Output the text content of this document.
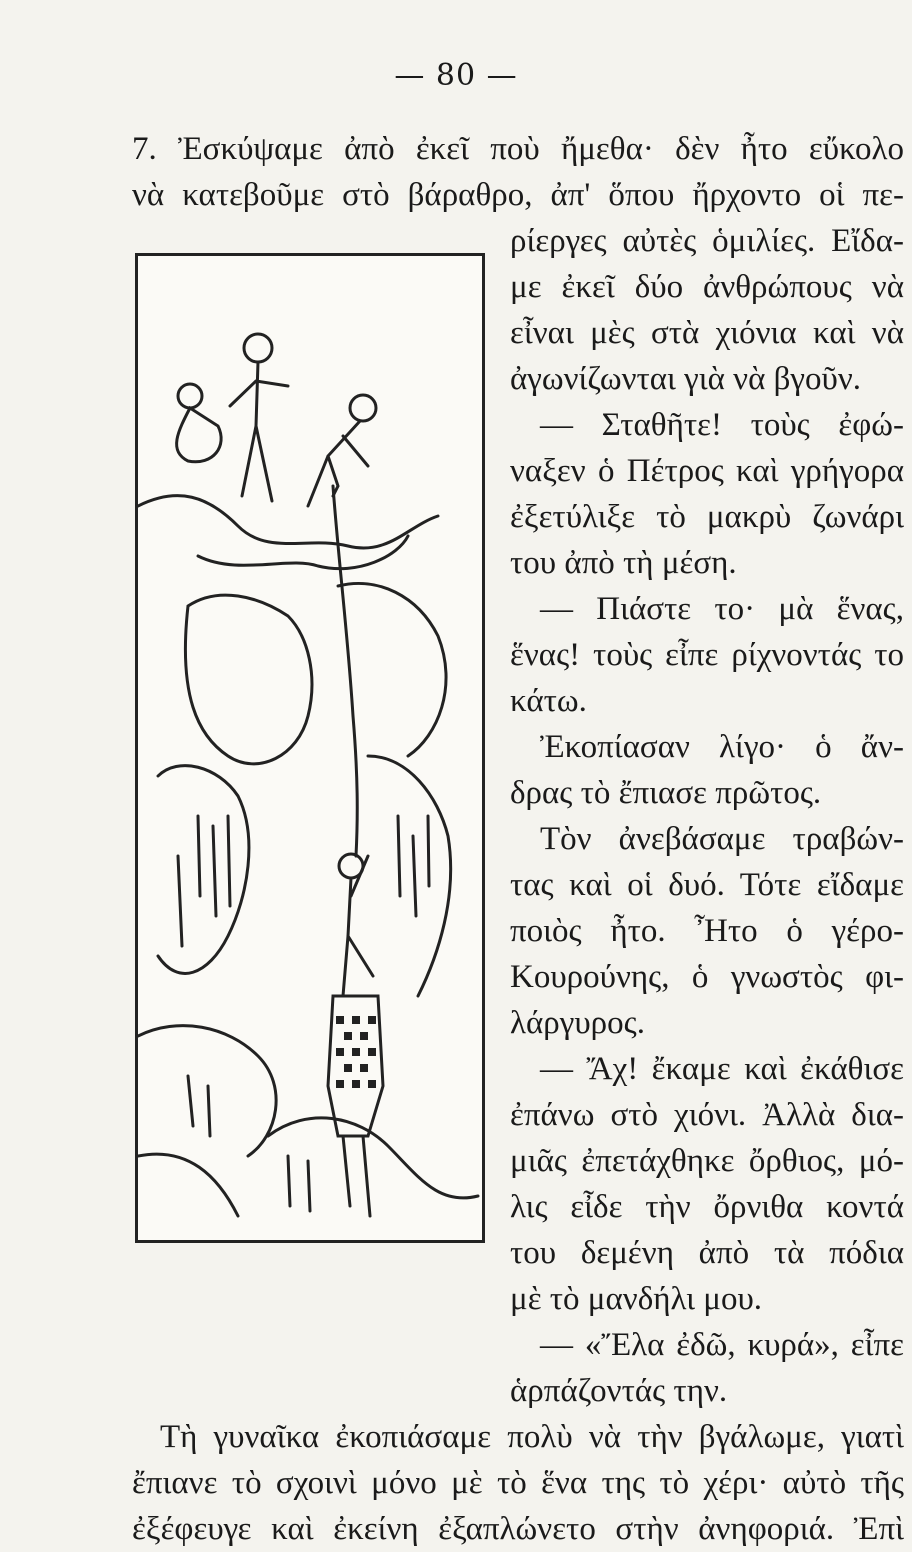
— 80 —
7. Ἐσκύψαμε ἀπὸ ἐκεῖ ποὺ ἤμεθα· δὲν ἦτο εὔκολο
νὰ κατεβοῦμε στὸ βάραθρο, ἀπ' ὅπου ἤρχοντο οἱ πε-
ρίεργες αὐτὲς ὁμιλίες. Εἴδα-
με ἐκεῖ δύο ἀνθρώπους νὰ
εἶναι μὲς στὰ χιόνια καὶ νὰ
ἀγωνίζωνται γιὰ νὰ βγοῦν.
— Σταθῆτε! τοὺς ἐφώ-
ναξεν ὁ Πέτρος καὶ γρήγορα
ἐξετύλιξε τὸ μακρὺ ζωνάρι
του ἀπὸ τὴ μέση.
— Πιάστε το· μὰ ἕνας,
ἕνας! τοὺς εἶπε ρίχνοντάς το
κάτω.
Ἐκοπίασαν λίγο· ὁ ἄν-
δρας τὸ ἔπιασε πρῶτος.
Τὸν ἀνεβάσαμε τραβών-
τας καὶ οἱ δυό. Τότε εἴδαμε
ποιὸς ἦτο. Ἦτο ὁ γέρο-
Κουρούνης, ὁ γνωστὸς φι-
λάργυρος.
— Ἄχ! ἔκαμε καὶ ἐκάθισε
ἐπάνω στὸ χιόνι. Ἀλλὰ δια-
μιᾶς ἐπετάχθηκε ὄρθιος, μό-
λις εἶδε τὴν ὄρνιθα κοντά
του δεμένη ἀπὸ τὰ πόδια
μὲ τὸ μανδήλι μου.
— «Ἔλα ἐδῶ, κυρά», εἶπε
ἁρπάζοντάς την.
Τὴ γυναῖκα ἐκοπιάσαμε πολὺ νὰ τὴν βγάλωμε, γιατὶ
ἔπιανε τὸ σχοινὶ μόνο μὲ τὸ ἕνα της τὸ χέρι· αὐτὸ τῆς
ἐξέφευγε καὶ ἐκείνη ἐξαπλώνετο στὴν ἀνηφοριά. Ἐπὶ
